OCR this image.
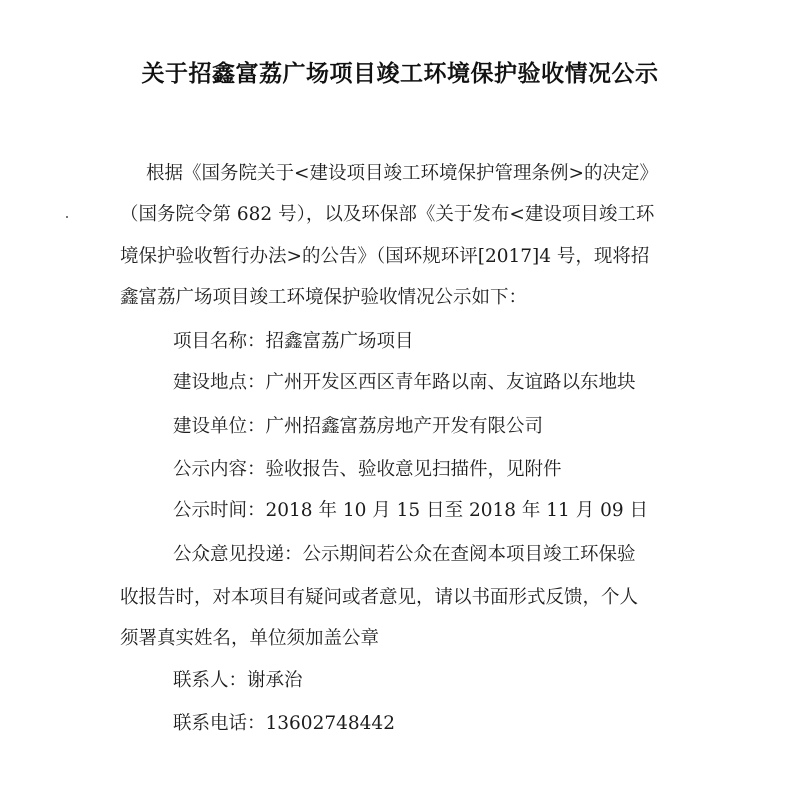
关于招鑫富荔广场项目竣工环境保护验收情况公示
根据《国务院关于<建设项目竣工环境保护管理条例>的决定》
（国务院令第 682 号），以及环保部《关于发布<建设项目竣工环
境保护验收暂行办法>的公告》（国环规环评[2017]4 号，现将招
鑫富荔广场项目竣工环境保护验收情况公示如下：
项目名称：招鑫富荔广场项目
建设地点：广州开发区西区青年路以南、友谊路以东地块
建设单位：广州招鑫富荔房地产开发有限公司
公示内容：验收报告、验收意见扫描件，见附件
公示时间：2018 年 10 月 15 日至 2018 年 11 月 09 日
公众意见投递：公示期间若公众在查阅本项目竣工环保验
收报告时，对本项目有疑问或者意见，请以书面形式反馈，个人
须署真实姓名，单位须加盖公章
联系人：谢承治
联系电话：13602748442
